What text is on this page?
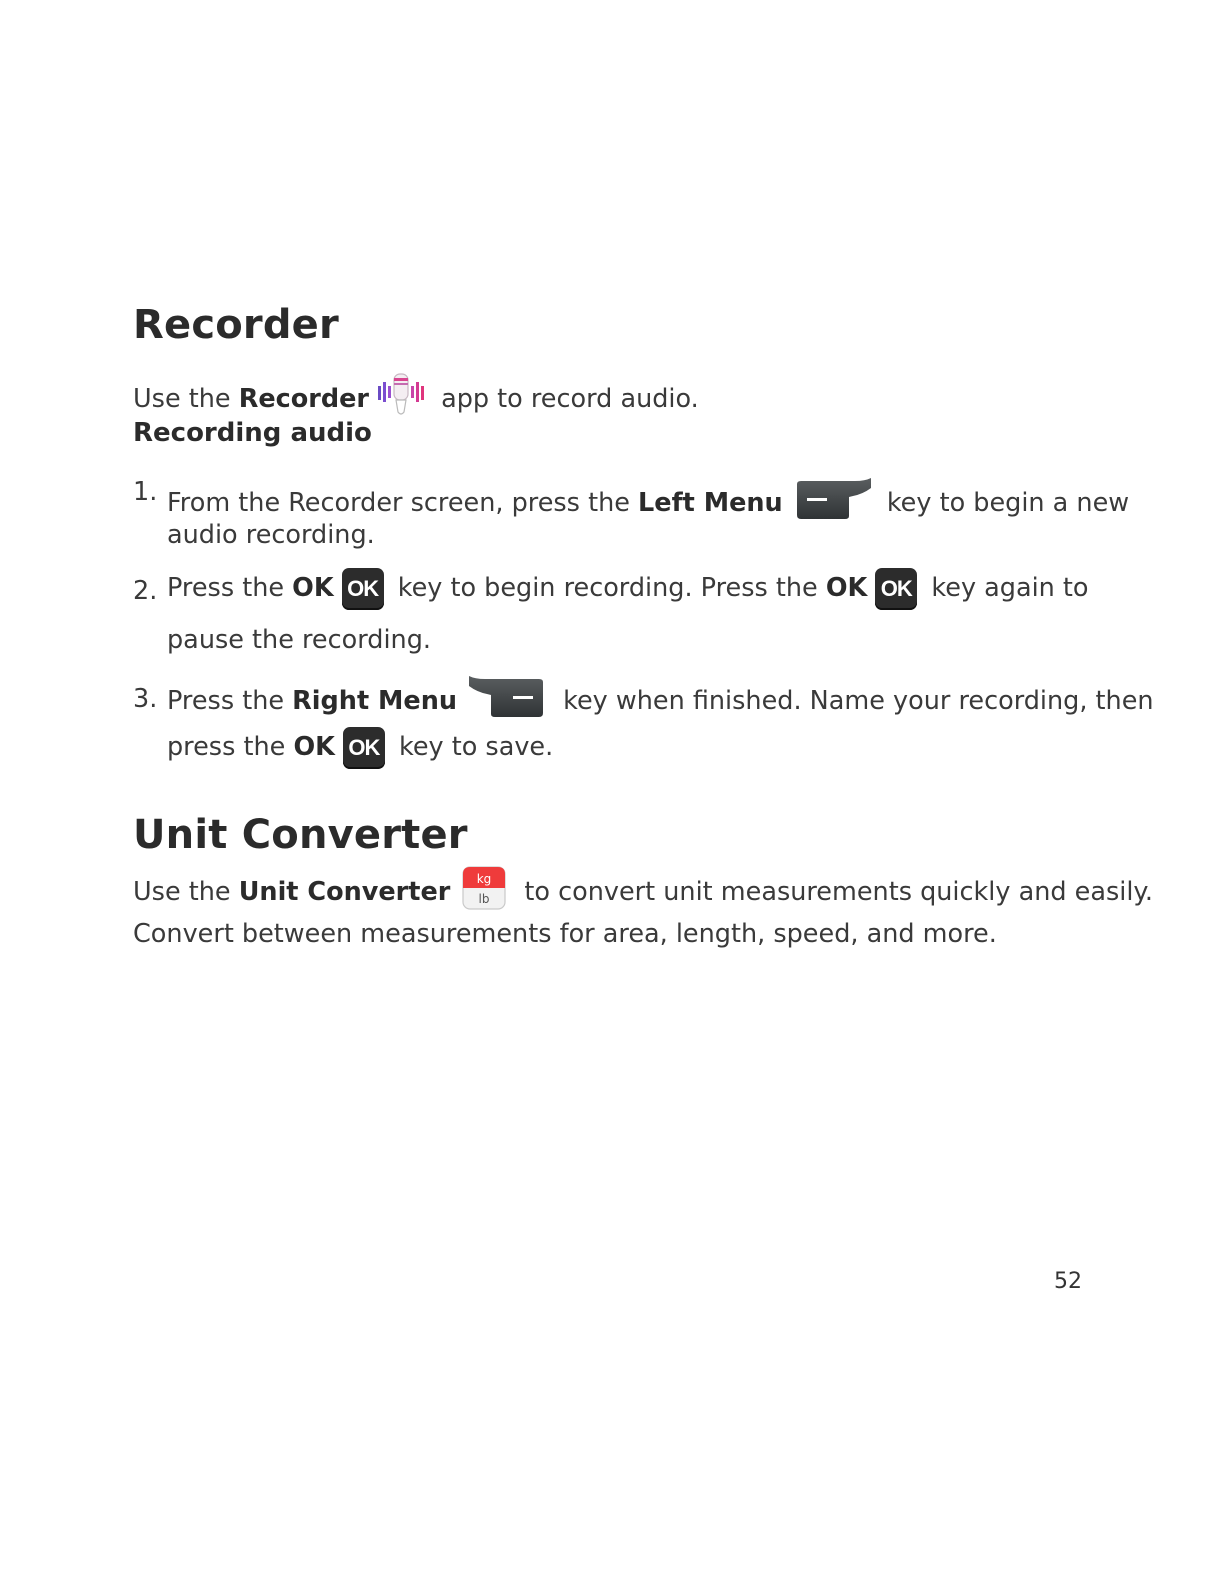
Recorder
Use the Recorder	app to record audio.
Recording audio
1. From the Recorder screen, press the Left Menu	key to begin a new
audio recording.
2. Press the OK OK key to begin recording. Press the OK OK key again to
pause the recording.
3. Press the Right Menu	key when finished. Name your recording, then
press the OK OK key to save.
Unit Converter
Use the Unit Converter kg
lb to convert unit measurements quickly and easily.
Convert between measurements for area, length, speed, and more.
52
